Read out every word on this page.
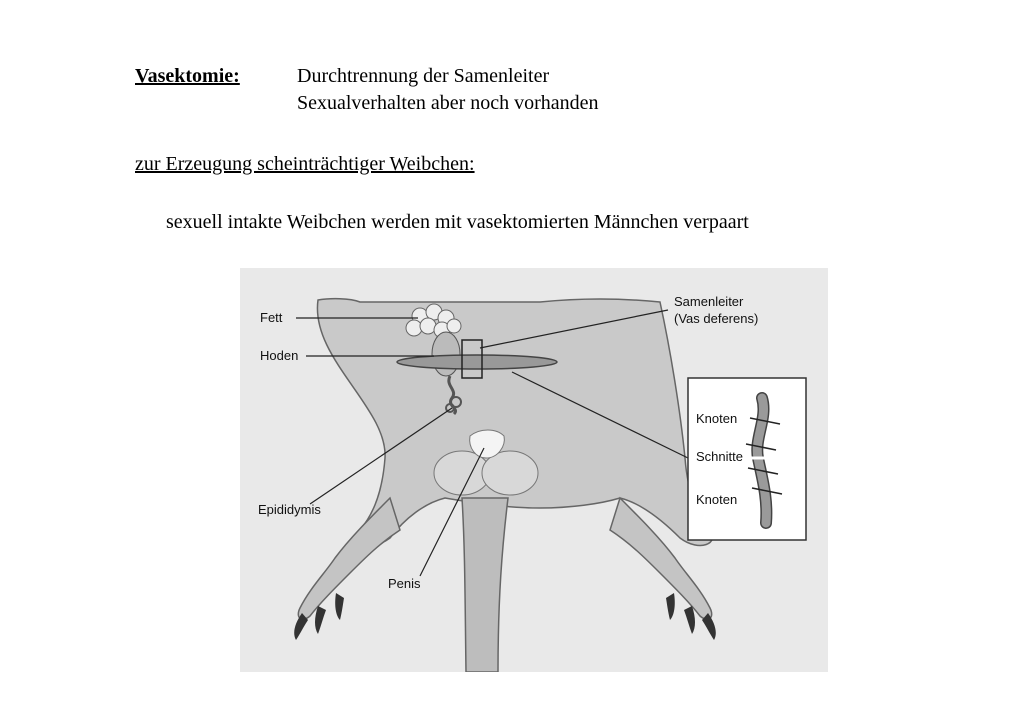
Vasektomie:	Durchtrennung der Samenleiter
Sexualverhalten aber noch vorhanden
zur Erzeugung scheinträchtiger Weibchen:
sexuell intakte Weibchen werden mit vasektomierten Männchen verpaart
Fett
Hoden
Epididymis
Penis
Samenleiter
(Vas deferens)
Knoten
Schnitte
Knoten
